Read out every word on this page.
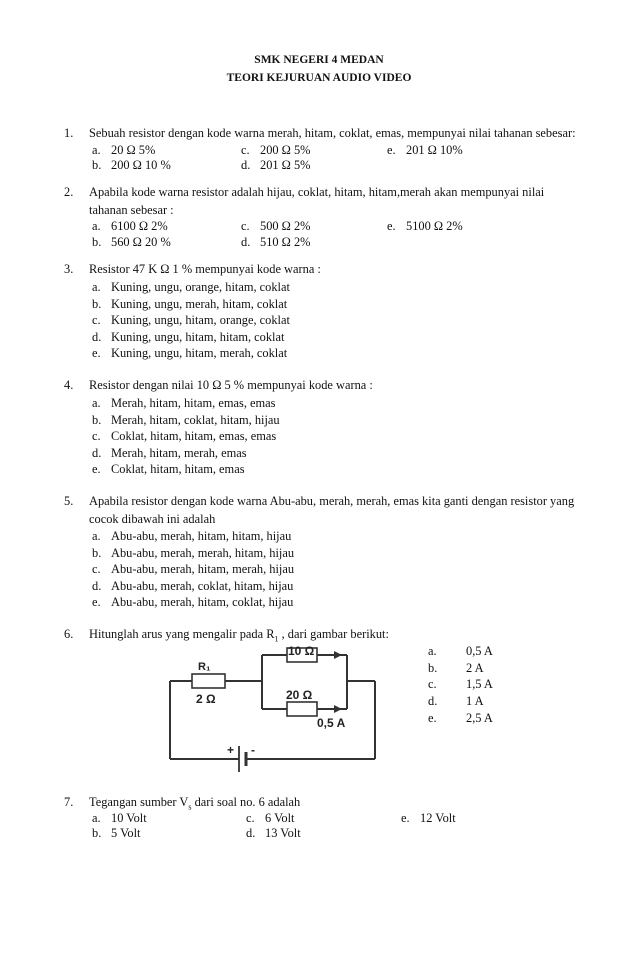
SMK NEGERI 4 MEDAN
TEORI KEJURUAN AUDIO VIDEO
1. Sebuah resistor dengan kode warna merah, hitam, coklat, emas, mempunyai nilai tahanan sebesar:
a. 20 Ω 5%
b. 200 Ω 10 %
c. 200 Ω 5%
d. 201 Ω 5%
e. 201 Ω 10%
2. Apabila kode warna resistor adalah hijau, coklat, hitam, hitam,merah akan mempunyai nilai
tahanan sebesar :
a. 6100 Ω 2%
b. 560 Ω 20 %
c. 500 Ω 2%
d. 510 Ω 2%
e. 5100 Ω 2%
3. Resistor 47 K Ω 1 % mempunyai kode warna :
a. Kuning, ungu, orange, hitam, coklat
b. Kuning, ungu, merah, hitam, coklat
c. Kuning, ungu, hitam, orange, coklat
d. Kuning, ungu, hitam, hitam, coklat
e. Kuning, ungu, hitam, merah, coklat
4. Resistor dengan nilai 10 Ω 5 % mempunyai kode warna :
a. Merah, hitam, hitam, emas, emas
b. Merah, hitam, coklat, hitam, hijau
c. Coklat, hitam, hitam, emas, emas
d. Merah, hitam, merah, emas
e. Coklat, hitam, hitam, emas
5. Apabila resistor dengan kode warna Abu-abu, merah, merah, emas kita ganti dengan resistor yang
cocok dibawah ini adalah
a. Abu-abu, merah, hitam, hitam, hijau
b. Abu-abu, merah, merah, hitam, hijau
c. Abu-abu, merah, hitam, merah, hijau
d. Abu-abu, merah, coklat, hitam, hijau
e. Abu-abu, merah, hitam, coklat, hijau
6. Hitunglah arus yang mengalir pada $R_1$ , dari gambar berikut:
a. 0,5 A
b. 2 A
c. 1,5 A
d. 1 A
e. 2,5 A
R₁
2 Ω
10 Ω
20 Ω
0,5 A
+ -
7. Tegangan sumber $V_s$ dari soal no. 6 adalah
a. 10 Volt
b. 5 Volt
c. 6 Volt
d. 13 Volt
e. 12 Volt
